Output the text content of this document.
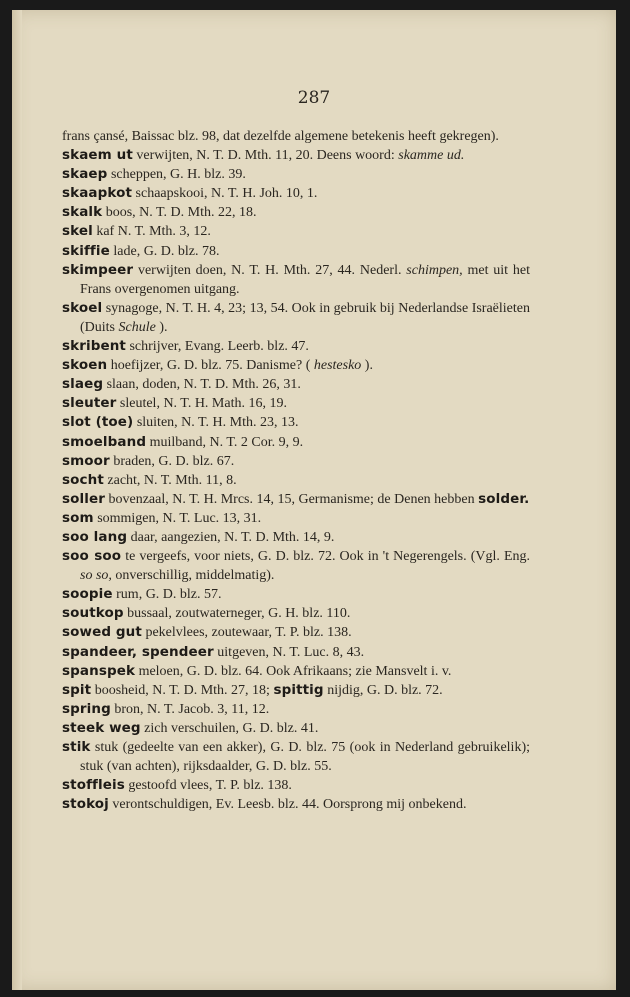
287
frans çansé, Baissac blz. 98, dat dezelfde algemene betekenis heeft gekregen).
skaem ut verwijten, N. T. D. Mth. 11, 20. Deens woord: skamme ud.
skaep scheppen, G. H. blz. 39.
skaapkot schaapskooi, N. T. H. Joh. 10, 1.
skalk boos, N. T. D. Mth. 22, 18.
skel kaf N. T. Mth. 3, 12.
skiffie lade, G. D. blz. 78.
skimpeer verwijten doen, N. T. H. Mth. 27, 44. Nederl. schimpen, met uit het Frans overgenomen uitgang.
skoel synagoge, N. T. H. 4, 23; 13, 54. Ook in gebruik bij Nederlandse Israëlieten (Duits Schule ).
skribent schrijver, Evang. Leerb. blz. 47.
skoen hoefijzer, G. D. blz. 75. Danisme? ( hestesko ).
slaeg slaan, doden, N. T. D. Mth. 26, 31.
sleuter sleutel, N. T. H. Math. 16, 19.
slot (toe) sluiten, N. T. H. Mth. 23, 13.
smoelband muilband, N. T. 2 Cor. 9, 9.
smoor braden, G. D. blz. 67.
socht zacht, N. T. Mth. 11, 8.
soller bovenzaal, N. T. H. Mrcs. 14, 15, Germanisme; de Denen hebben solder.
som sommigen, N. T. Luc. 13, 31.
soo lang daar, aangezien, N. T. D. Mth. 14, 9.
soo soo te vergeefs, voor niets, G. D. blz. 72. Ook in 't Negerengels. (Vgl. Eng. so so, onverschillig, middelmatig).
soopie rum, G. D. blz. 57.
soutkop bussaal, zoutwaterneger, G. H. blz. 110.
sowed gut pekelvlees, zoutewaar, T. P. blz. 138.
spandeer, spendeer uitgeven, N. T. Luc. 8, 43.
spanspek meloen, G. D. blz. 64. Ook Afrikaans; zie Mansvelt i. v.
spit boosheid, N. T. D. Mth. 27, 18; spittig nijdig, G. D. blz. 72.
spring bron, N. T. Jacob. 3, 11, 12.
steek weg zich verschuilen, G. D. blz. 41.
stik stuk (gedeelte van een akker), G. D. blz. 75 (ook in Nederland gebruikelik); stuk (van achten), rijksdaalder, G. D. blz. 55.
stoffleis gestoofd vlees, T. P. blz. 138.
stokoj verontschuldigen, Ev. Leesb. blz. 44. Oorsprong mij onbekend.
